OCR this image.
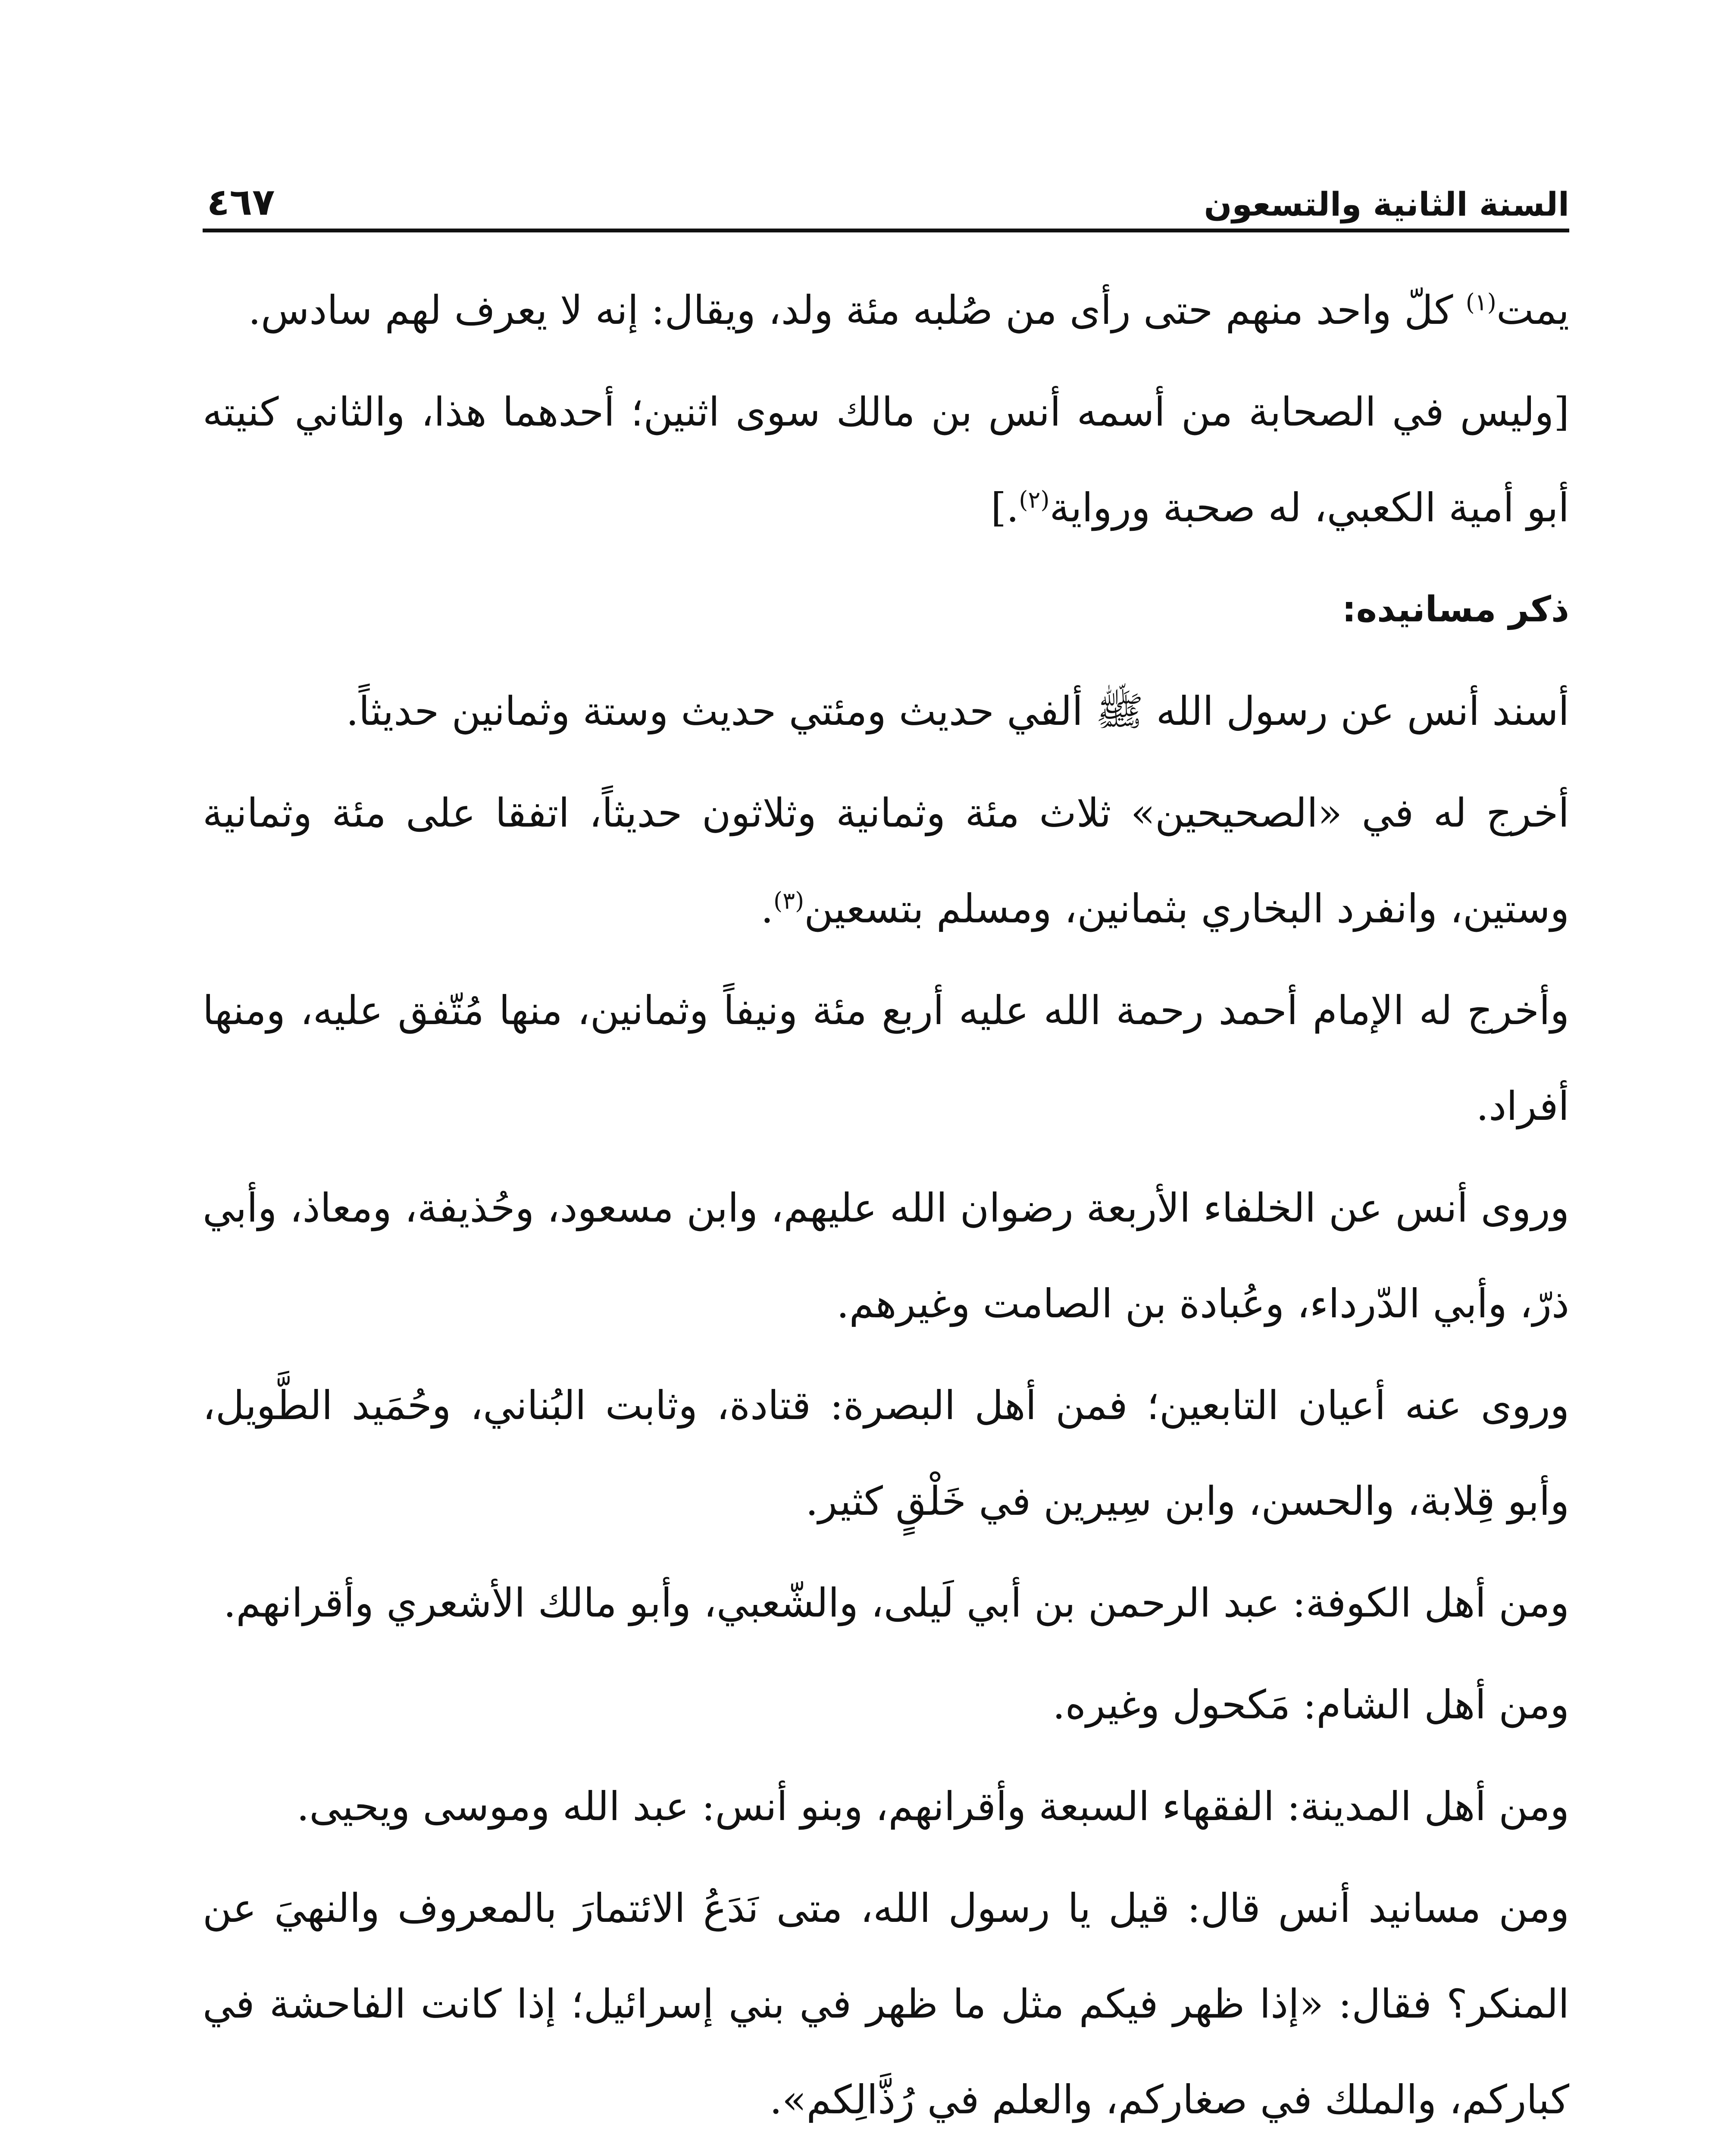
السنة الثانية والتسعون
٤٦٧

يمت$^{(١)}$ كلّ واحد منهم حتى رأى من صُلبه مئة ولد، ويقال: إنه لا يعرف لهم سادس.

[وليس في الصحابة من أسمه أنس بن مالك سوى اثنين؛ أحدهما هذا، والثاني كنيته أبو أمية الكعبي، له صحبة ورواية$^{(٢)}$.]

ذكر مسانيده:

أسند أنس عن رسول الله ﷺ ألفي حديث ومئتي حديث وستة وثمانين حديثاً.

أخرج له في «الصحيحين» ثلاث مئة وثمانية وثلاثون حديثاً، اتفقا على مئة وثمانية وستين، وانفرد البخاري بثمانين، ومسلم بتسعين$^{(٣)}$.

وأخرج له الإمام أحمد رحمة الله عليه أربع مئة ونيفاً وثمانين، منها مُتّفق عليه، ومنها أفراد.

وروى أنس عن الخلفاء الأربعة رضوان الله عليهم، وابن مسعود، وحُذيفة، ومعاذ، وأبي ذرّ، وأبي الدّرداء، وعُبادة بن الصامت وغيرهم.

وروى عنه أعيان التابعين؛ فمن أهل البصرة: قتادة، وثابت البُناني، وحُمَيد الطَّويل، وأبو قِلابة، والحسن، وابن سِيرين في خَلْقٍ كثير.

ومن أهل الكوفة: عبد الرحمن بن أبي لَيلى، والشّعبي، وأبو مالك الأشعري وأقرانهم.

ومن أهل الشام: مَكحول وغيره.

ومن أهل المدينة: الفقهاء السبعة وأقرانهم، وبنو أنس: عبد الله وموسى ويحيى.

ومن مسانيد أنس قال: قيل يا رسول الله، متى نَدَعُ الائتمارَ بالمعروف والنهيَ عن المنكر؟ فقال: «إذا ظهر فيكم مثل ما ظهر في بني إسرائيل؛ إذا كانت الفاحشة في كباركم، والملك في صغاركم، والعلم في رُذَّالِكم».
